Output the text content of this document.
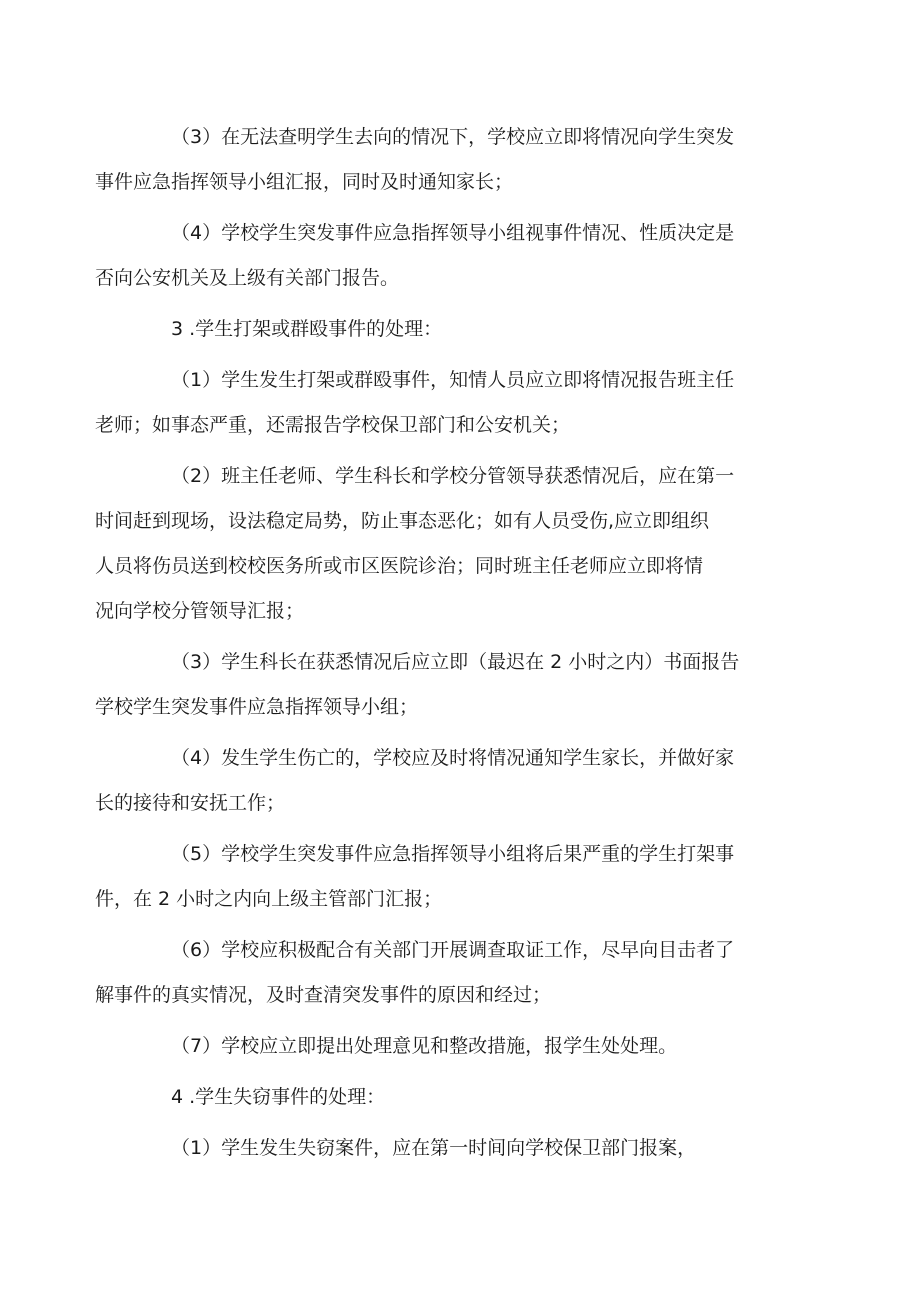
（3）在无法查明学生去向的情况下，学校应立即将情况向学生突发
事件应急指挥领导小组汇报，同时及时通知家长；
（4）学校学生突发事件应急指挥领导小组视事件情况、性质决定是
否向公安机关及上级有关部门报告。
3 .学生打架或群殴事件的处理：
（1）学生发生打架或群殴事件，知情人员应立即将情况报告班主任
老师；如事态严重，还需报告学校保卫部门和公安机关；
（2）班主任老师、学生科长和学校分管领导获悉情况后，应在第一
时间赶到现场，设法稳定局势，防止事态恶化；如有人员受伤,应立即组织
人员将伤员送到校校医务所或市区医院诊治；同时班主任老师应立即将情
况向学校分管领导汇报；
（3）学生科长在获悉情况后应立即（最迟在 2 小时之内）书面报告
学校学生突发事件应急指挥领导小组；
（4）发生学生伤亡的，学校应及时将情况通知学生家长，并做好家
长的接待和安抚工作；
（5）学校学生突发事件应急指挥领导小组将后果严重的学生打架事
件，在 2 小时之内向上级主管部门汇报；
（6）学校应积极配合有关部门开展调查取证工作，尽早向目击者了
解事件的真实情况，及时查清突发事件的原因和经过；
（7）学校应立即提出处理意见和整改措施，报学生处处理。
4 .学生失窃事件的处理：
（1）学生发生失窃案件，应在第一时间向学校保卫部门报案，
